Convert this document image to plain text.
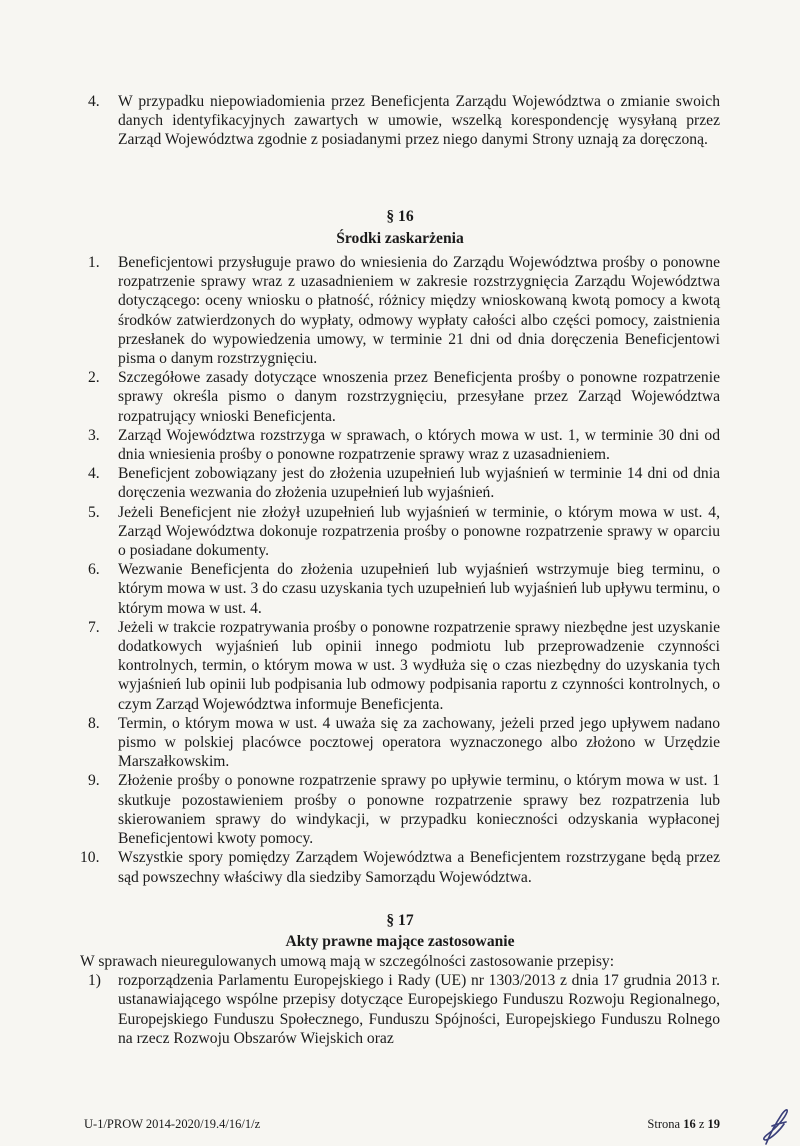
4. W przypadku niepowiadomienia przez Beneficjenta Zarządu Województwa o zmianie swoich danych identyfikacyjnych zawartych w umowie, wszelką korespondencję wysyłaną przez Zarząd Województwa zgodnie z posiadanymi przez niego danymi Strony uznają za doręczoną.
§ 16
Środki zaskarżenia
1. Beneficjentowi przysługuje prawo do wniesienia do Zarządu Województwa prośby o ponowne rozpatrzenie sprawy wraz z uzasadnieniem w zakresie rozstrzygnięcia Zarządu Województwa dotyczącego: oceny wniosku o płatność, różnicy między wnioskowaną kwotą pomocy a kwotą środków zatwierdzonych do wypłaty, odmowy wypłaty całości albo części pomocy, zaistnienia przesłanek do wypowiedzenia umowy, w terminie 21 dni od dnia doręczenia Beneficjentowi pisma o danym rozstrzygnięciu.
2. Szczegółowe zasady dotyczące wnoszenia przez Beneficjenta prośby o ponowne rozpatrzenie sprawy określa pismo o danym rozstrzygnięciu, przesyłane przez Zarząd Województwa rozpatrujący wnioski Beneficjenta.
3. Zarząd Województwa rozstrzyga w sprawach, o których mowa w ust. 1, w terminie 30 dni od dnia wniesienia prośby o ponowne rozpatrzenie sprawy wraz z uzasadnieniem.
4. Beneficjent zobowiązany jest do złożenia uzupełnień lub wyjaśnień w terminie 14 dni od dnia doręczenia wezwania do złożenia uzupełnień lub wyjaśnień.
5. Jeżeli Beneficjent nie złożył uzupełnień lub wyjaśnień w terminie, o którym mowa w ust. 4, Zarząd Województwa dokonuje rozpatrzenia prośby o ponowne rozpatrzenie sprawy w oparciu o posiadane dokumenty.
6. Wezwanie Beneficjenta do złożenia uzupełnień lub wyjaśnień wstrzymuje bieg terminu, o którym mowa w ust. 3 do czasu uzyskania tych uzupełnień lub wyjaśnień lub upływu terminu, o którym mowa w ust. 4.
7. Jeżeli w trakcie rozpatrywania prośby o ponowne rozpatrzenie sprawy niezbędne jest uzyskanie dodatkowych wyjaśnień lub opinii innego podmiotu lub przeprowadzenie czynności kontrolnych, termin, o którym mowa w ust. 3 wydłuża się o czas niezbędny do uzyskania tych wyjaśnień lub opinii lub podpisania lub odmowy podpisania raportu z czynności kontrolnych, o czym Zarząd Województwa informuje Beneficjenta.
8. Termin, o którym mowa w ust. 4 uważa się za zachowany, jeżeli przed jego upływem nadano pismo w polskiej placówce pocztowej operatora wyznaczonego albo złożono w Urzędzie Marszałkowskim.
9. Złożenie prośby o ponowne rozpatrzenie sprawy po upływie terminu, o którym mowa w ust. 1 skutkuje pozostawieniem prośby o ponowne rozpatrzenie sprawy bez rozpatrzenia lub skierowaniem sprawy do windykacji, w przypadku konieczności odzyskania wypłaconej Beneficjentowi kwoty pomocy.
10. Wszystkie spory pomiędzy Zarządem Województwa a Beneficjentem rozstrzygane będą przez sąd powszechny właściwy dla siedziby Samorządu Województwa.
§ 17
Akty prawne mające zastosowanie
W sprawach nieuregulowanych umową mają w szczególności zastosowanie przepisy:
1) rozporządzenia Parlamentu Europejskiego i Rady (UE) nr 1303/2013 z dnia 17 grudnia 2013 r. ustanawiającego wspólne przepisy dotyczące Europejskiego Funduszu Rozwoju Regionalnego, Europejskiego Funduszu Społecznego, Funduszu Spójności, Europejskiego Funduszu Rolnego na rzecz Rozwoju Obszarów Wiejskich oraz
U-1/PROW 2014-2020/19.4/16/1/z	Strona 16 z 19
